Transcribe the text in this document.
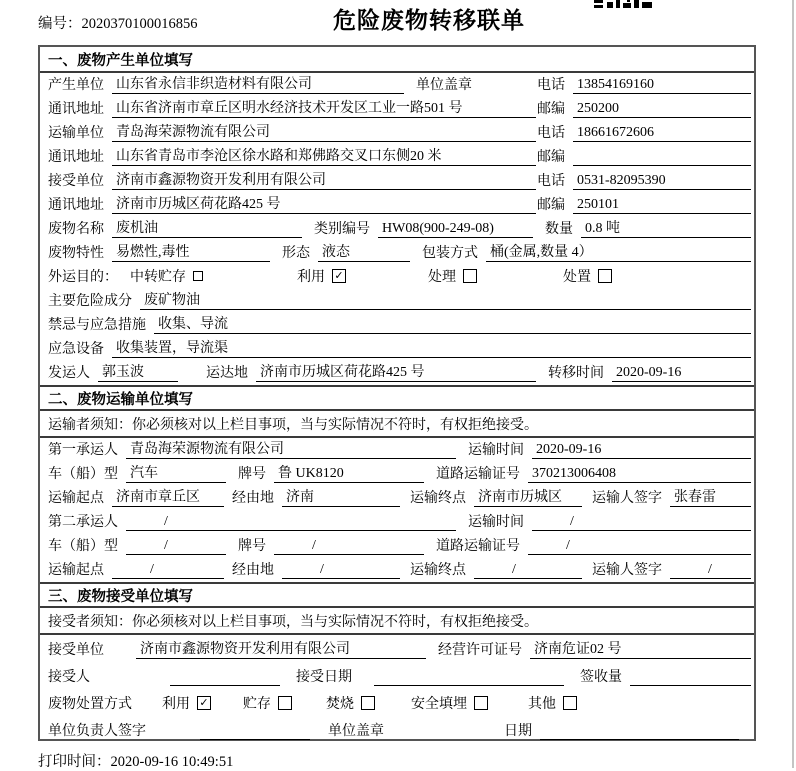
编号：2020370100016856	危险废物转移联单
一、废物产生单位填写
产生单位 山东省永信非织造材料有限公司	单位盖章	电话 13854169160
通讯地址 山东省济南市章丘区明水经济技术开发区工业一路501 号	邮编 250200
运输单位 青岛海荣源物流有限公司	电话 18661672606
通讯地址 山东省青岛市李沧区徐水路和郑佛路交叉口东侧20 米	邮编
接受单位 济南市鑫源物资开发利用有限公司	电话 0531-82095390
通讯地址 济南市历城区荷花路425 号	邮编 250101
废物名称 废机油	类别编号 HW08(900-249-08)	数量 0.8 吨
废物特性 易燃性,毒性	形态 液态	包装方式 桶(金属,数量 4）
外运目的： 中转贮存	利用 ✓	处理	处置
主要危险成分 废矿物油
禁忌与应急措施 收集、导流
应急设备 收集装置，导流渠
发运人 郭玉波	运达地 济南市历城区荷花路425 号	转移时间 2020-09-16
二、废物运输单位填写
运输者须知：你必须核对以上栏目事项，当与实际情况不符时，有权拒绝接受。
第一承运人 青岛海荣源物流有限公司	运输时间 2020-09-16
车（船）型 汽车	牌号 鲁 UK8120	道路运输证号 370213006408
运输起点 济南市章丘区	经由地 济南	运输终点 济南市历城区	运输人签字 张春雷
第二承运人	/	运输时间	/
车（船）型	/	牌号	/	道路运输证号	/
运输起点	/	经由地	/	运输终点	/	运输人签字	/
三、废物接受单位填写
接受者须知：你必须核对以上栏目事项，当与实际情况不符时，有权拒绝接受。
接受单位	济南市鑫源物资开发利用有限公司	经营许可证号 济南危证02 号
接受人	接受日期	签收量
废物处置方式 利用 ✓ 贮存	焚烧	安全填埋	其他
单位负责人签字	单位盖章	日期
打印时间：2020-09-16 10:49:51
